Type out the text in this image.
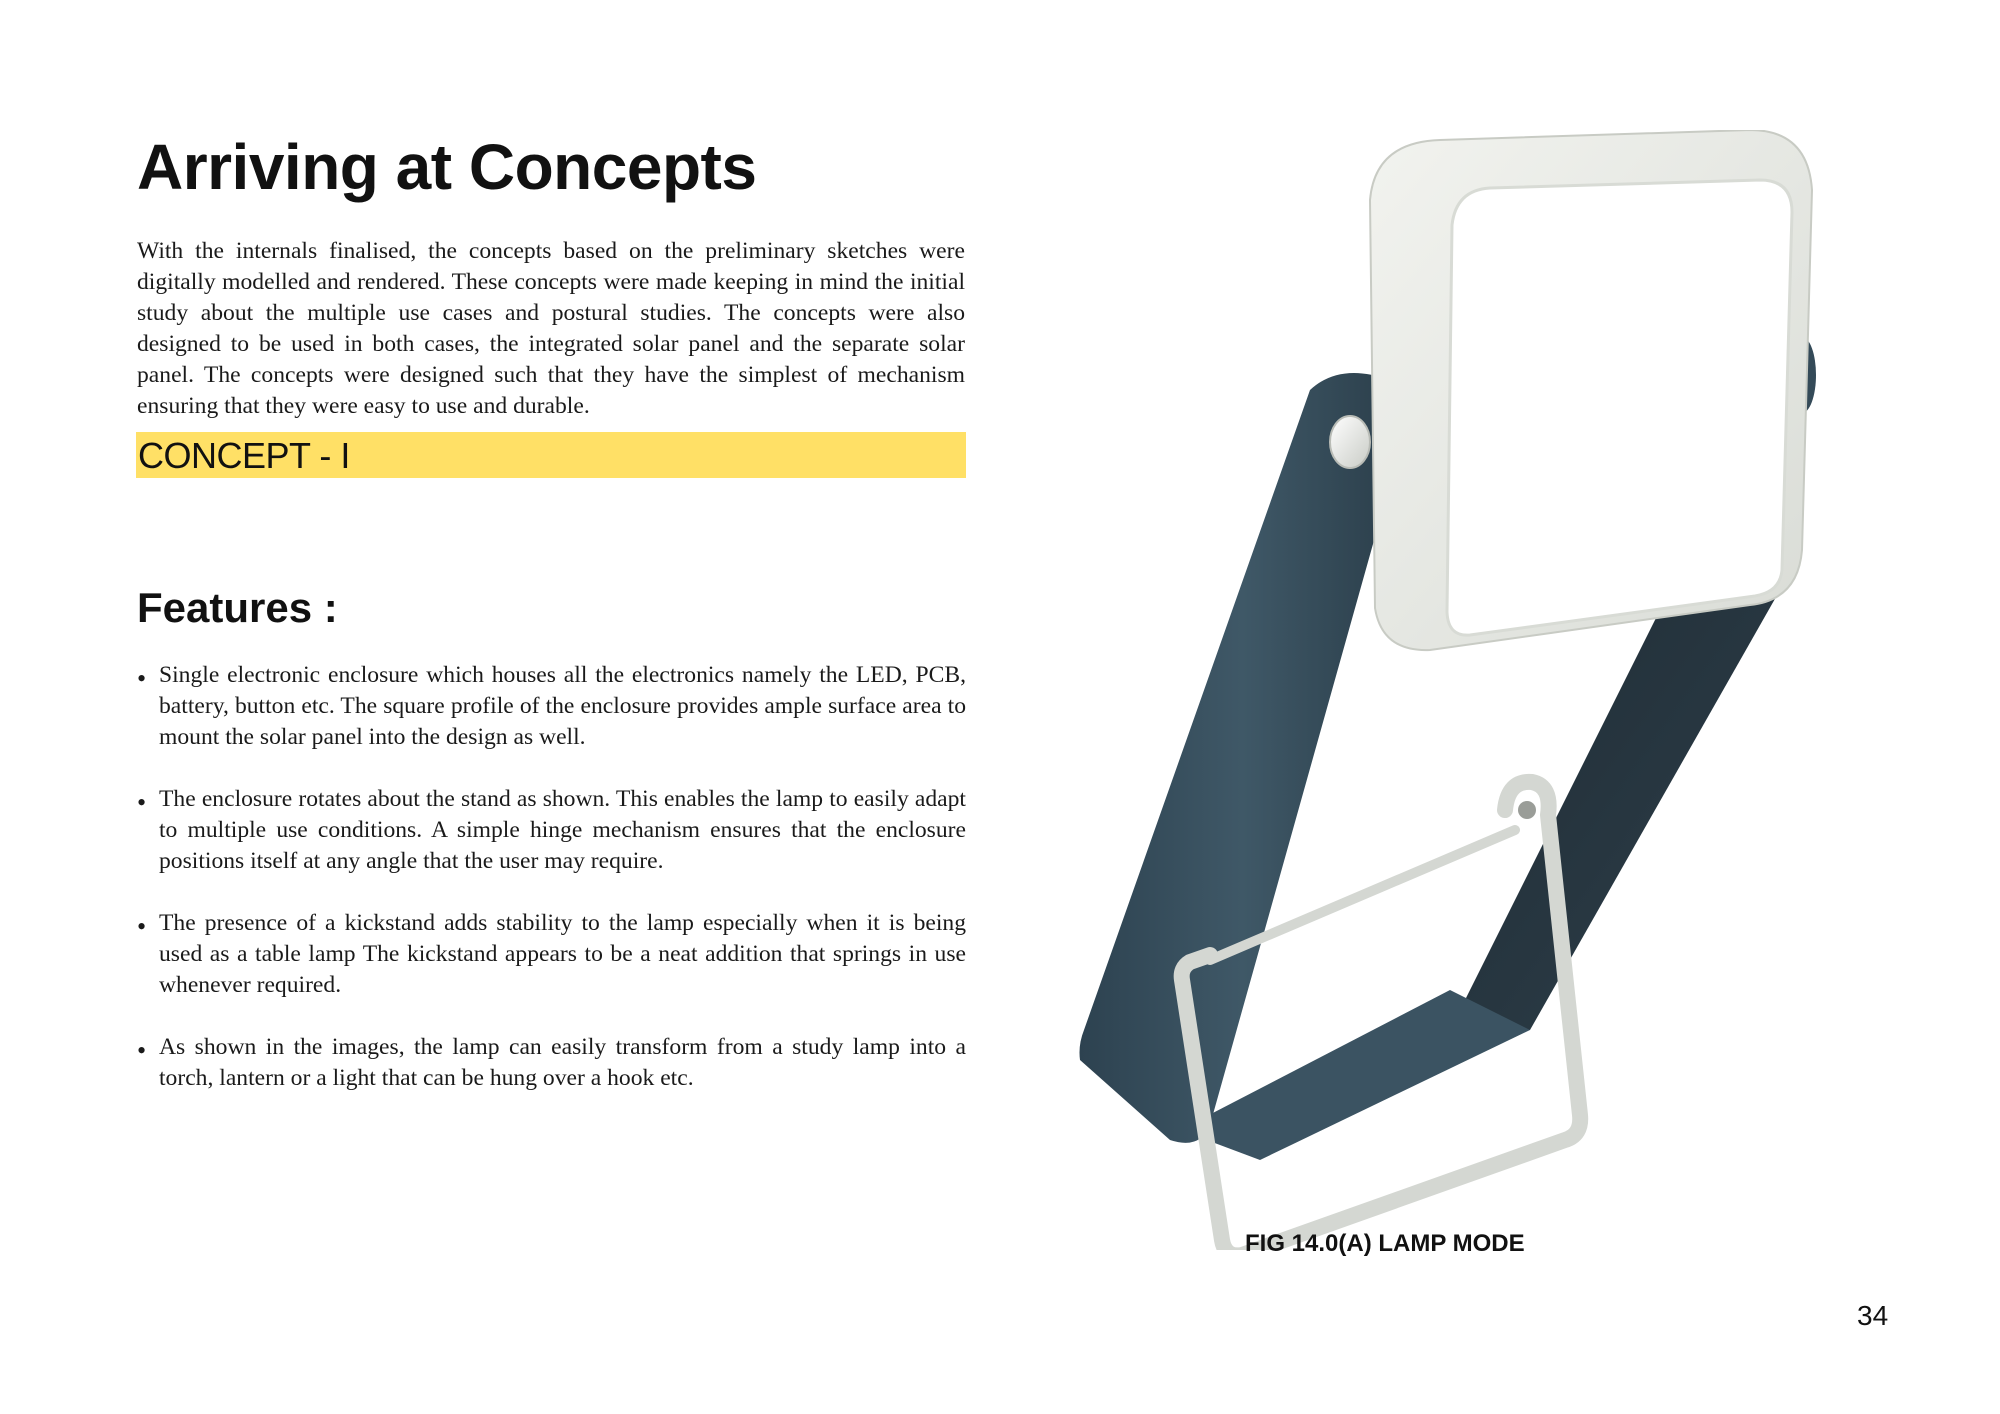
Arriving at Concepts

With the internals finalised, the concepts based on the preliminary sketches were digitally modelled and rendered. These concepts were made keeping in mind the initial study about the multiple use cases and postural studies. The concepts were also designed to be used in both cases, the integrated solar panel and the separate solar panel. The concepts were designed such that they have the simplest of mechanism ensuring that they were easy to use and durable.

CONCEPT - I
Features :
• Single electronic enclosure which houses all the electronics namely the LED, PCB, battery, button etc. The square profile of the enclosure provides ample surface area to mount the solar panel into the design as well.
• The enclosure rotates about the stand as shown. This enables the lamp to easily adapt to multiple use conditions. A simple hinge mechanism ensures that the enclosure positions itself at any angle that the user may require.
• The presence of a kickstand adds stability to the lamp especially when it is being used as a table lamp The kickstand appears to be a neat addition that springs in use whenever required.
• As shown in the images, the lamp can easily transform from a study lamp into a torch, lantern or a light that can be hung over a hook etc.
FIG 14.0(A) LAMP MODE
34
